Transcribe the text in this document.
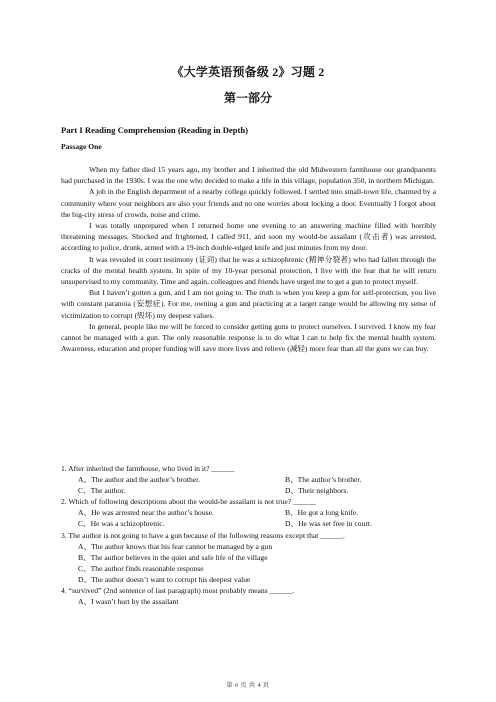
《大学英语预备级 2》习题 2
第一部分
Part I Reading Comprehension (Reading in Depth)
Passage One

When my father died 15 years ago, my brother and I inherited the old Midwestern farmhouse our grandparents had purchased in the 1930s. I was the one who decided to make a life in this village, population 350, in northern Michigan.

A job in the English department of a nearby college quickly followed. I settled into small-town life, charmed by a community where your neighbors are also your friends and no one worries about locking a door. Eventually I forgot about the big-city stress of crowds, noise and crime.

I was totally unprepared when I returned home one evening to an answering machine filled with horribly threatening messages. Shocked and frightened, I called 911, and soon my would-be assailant (攻击者) was arrested, according to police, drunk, armed with a 19-inch double-edged knife and just minutes from my door.

It was revealed in court testimony (证词) that he was a schizophrenic (精神分裂者) who had fallen through the cracks of the mental health system. In spite of my 10-year personal protection, I live with the fear that he will return unsupervised to my community. Time and again, colleagues and friends have urged me to get a gun to protect myself.

But I haven’t gotten a gun, and I am not going to. The truth is when you keep a gun for self-protection, you live with constant paranoia (妄想症). For me, owning a gun and practicing at a target range would be allowing my sense of victimization to corrupt (毁坏) my deepest values.

In general, people like me will be forced to consider getting guns to protect ourselves. I survived. I know my fear cannot be managed with a gun. The only reasonable response is to do what I can to help fix the mental health system. Awareness, education and proper funding will save more lives and relieve (减轻) more fear than all the guns we can buy.

1. After inherited the farmhouse, who lived in it? ______

A、The author and the author’s brother.	B、The author’s brother.
C、The author.	D、Their neighbors.

2. Which of following descriptions about the would-be assailant is not true? ______

A、He was arrested near the author’s house.	B、He got a long knife.
C、He was a schizophrenic.	D、He was set free in court.

3. The author is not going to have a gun because of the following reasons except that ______.

A、The author knows that his fear cannot be managed by a gun
B、The author believes in the quiet and safe life of the village
C、The author finds reasonable response
D、The author doesn’t want to corrupt his deepest value

4. “survived” (2nd sentence of last paragraph) most probably means ______.

A、I wasn’t hurt by the assailant
第 0 页 共 4 页
